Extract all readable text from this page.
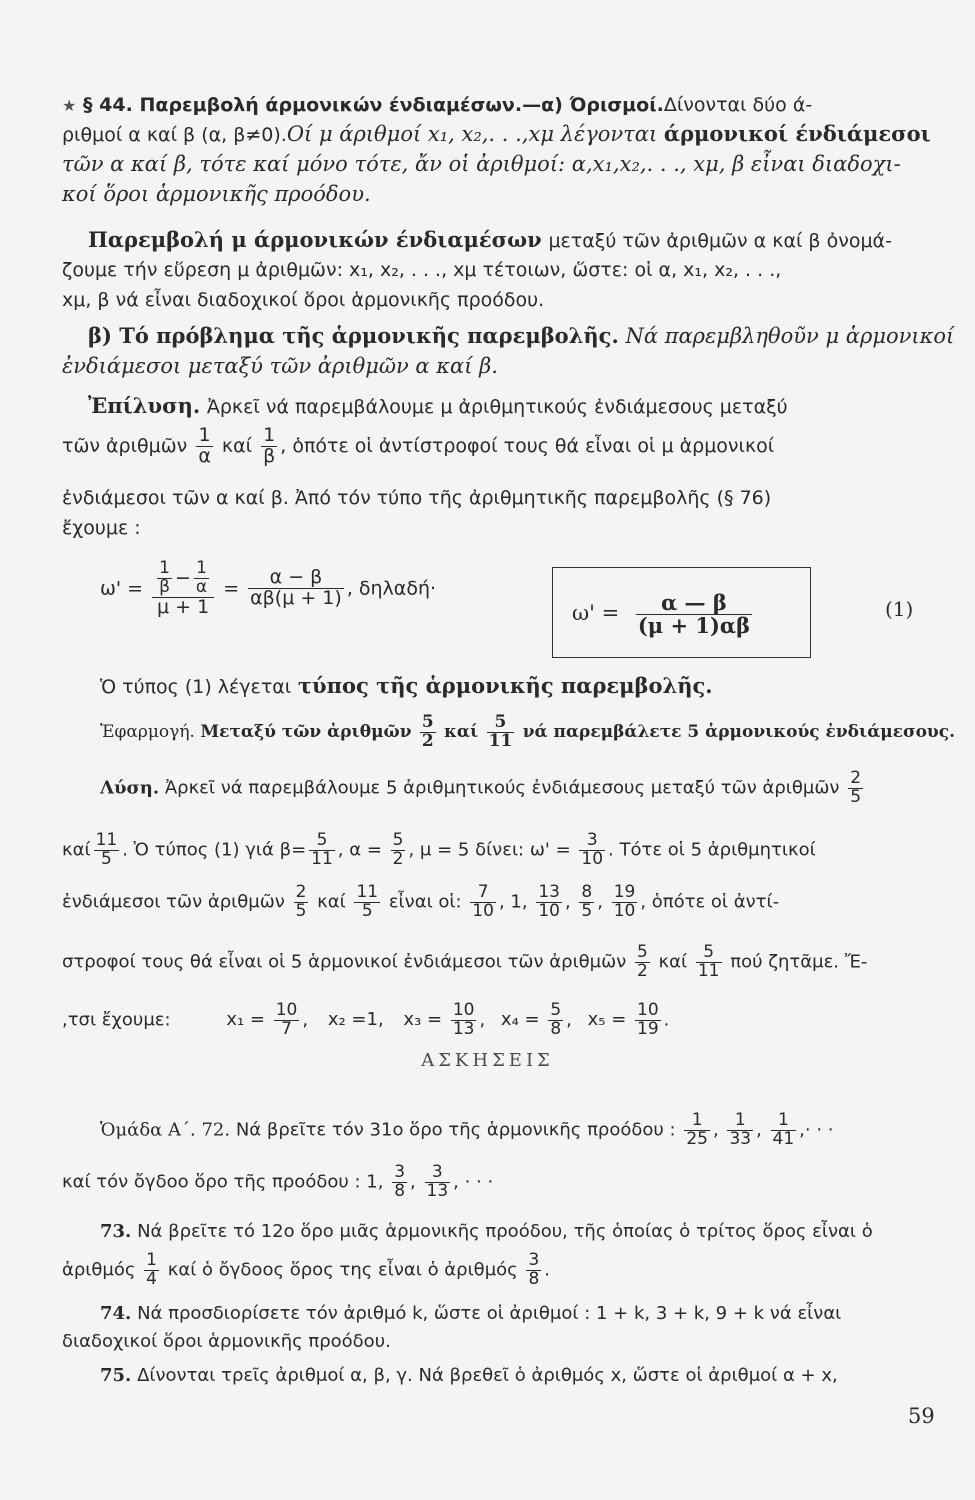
★ § 44. Παρεμβολή άρμονικών ένδιαμέσων.—α) Όρισμοί.Δίνονται δύο ά-
ριθμοί α καί β (α, β≠0).Οί μ άριθμοί x₁, x₂,. . .,xμ λέγονται άρμονικοί ένδιάμεσοι
τῶν α καί β, τότε καί μόνο τότε, ἄν οἱ ἀριθμοί: α,x₁,x₂,. . ., xμ, β εἶναι διαδοχι-
κοί ὅροι ἁρμονικῆς προόδου.
Παρεμβολή μ άρμονικών ένδιαμέσων μεταξύ τῶν ἀριθμῶν α καί β ὀνομά-
ζουμε τήν εὕρεση μ ἀριθμῶν: x₁, x₂, . . ., xμ τέτοιων, ὥστε: οἱ α, x₁, x₂, . . .,
xμ, β νά εἶναι διαδοχικοί ὅροι ἁρμονικῆς προόδου.
β) Τό πρόβλημα τῆς ἁρμονικῆς παρεμβολῆς. Νά παρεμβληθοῦν μ ἁρμονικοί
ἐνδιάμεσοι μεταξύ τῶν ἀριθμῶν α καί β.
Ἐπίλυση. Ἀρκεῖ νά παρεμβάλουμε μ ἀριθμητικούς ἐνδιάμεσους μεταξύ
τῶν ἀριθμῶν $\frac{1}{\alpha}$ καί $\frac{1}{\beta}$ , ὁπότε οἱ ἀντίστροφοί τους θά εἶναι οἱ μ ἁρμονικοί
ἐνδιάμεσοι τῶν α καί β. Ἀπό τόν τύπο τῆς ἀριθμητικῆς παρεμβολῆς (§ 76)
ἔχουμε :
$\omega' = \frac{\frac{1}{\beta} - \frac{1}{\alpha}}{\mu + 1} = \frac{\alpha - \beta}{\alpha\beta(\mu + 1)}$ , δηλαδή·
$\omega' = \frac{\alpha — \beta}{(\mu + 1)\alpha\beta}$	(1)
Ὁ τύπος (1) λέγεται τύπος τῆς ἁρμονικῆς παρεμβολῆς.
Ἐφαρμογή. Μεταξύ τῶν ἀριθμῶν $\frac{5}{2}$ καί $\frac{5}{11}$ νά παρεμβάλετε 5 ἁρμονικούς ἐνδιάμεσους.
Λύση. Ἀρκεῖ νά παρεμβάλουμε 5 ἀριθμητικούς ἐνδιάμεσους μεταξύ τῶν ἀριθμῶν $\frac{2}{5}$
καί $\frac{11}{5}$ . Ὁ τύπος (1) γιά $\beta= \frac{5}{11}$ , $\alpha = \frac{5}{2}$ , μ = 5 δίνει: $\omega' = \frac{3}{10}$ . Τότε οἱ 5 ἀριθμητικοί
ἐνδιάμεσοι τῶν ἀριθμῶν $\frac{2}{5}$ καί $\frac{11}{5}$ εἶναι οἱ: $\frac{7}{10}$ , 1, $\frac{13}{10}$ , $\frac{8}{5}$ , $\frac{19}{10}$ , ὁπότε οἱ ἀντί-
στροφοί τους θά εἶναι οἱ 5 ἁρμονικοί ἐνδιάμεσοι τῶν ἀριθμῶν $\frac{5}{2}$ καί $\frac{5}{11}$ πού ζητᾶμε. Ἔ-
,τσι ἔχουμε:	$x_1 = \frac{10}{7}$ , x₂ =1, $x_3 = \frac{10}{13}$ , $x_4 = \frac{5}{8}$ , $x_5 = \frac{10}{19}$ .
ΑΣΚΗΣΕΙΣ
Ὁμάδα Α΄. 72. Νά βρεῖτε τόν 31ο ὅρο τῆς ἁρμονικῆς προόδου : $\frac{1}{25}$ , $\frac{1}{33}$ , $\frac{1}{41}$ ,· · ·
καί τόν ὄγδοο ὅρο τῆς προόδου : 1, $\frac{3}{8}$ , $\frac{3}{13}$ , · · ·
73. Νά βρεῖτε τό 12ο ὅρο μιᾶς ἁρμονικῆς προόδου, τῆς ὁποίας ὁ τρίτος ὅρος εἶναι ὁ
ἀριθμός $\frac{1}{4}$ καί ὁ ὄγδοος ὅρος της εἶναι ὁ ἀριθμός $\frac{3}{8}$ .
74. Νά προσδιορίσετε τόν ἀριθμό k, ὥστε οἱ ἀριθμοί : 1 + k, 3 + k, 9 + k νά εἶναι
διαδοχικοί ὅροι ἁρμονικῆς προόδου.
75. Δίνονται τρεῖς ἀριθμοί α, β, γ. Νά βρεθεῖ ὁ ἀριθμός x, ὥστε οἱ ἀριθμοί α + x,
59
